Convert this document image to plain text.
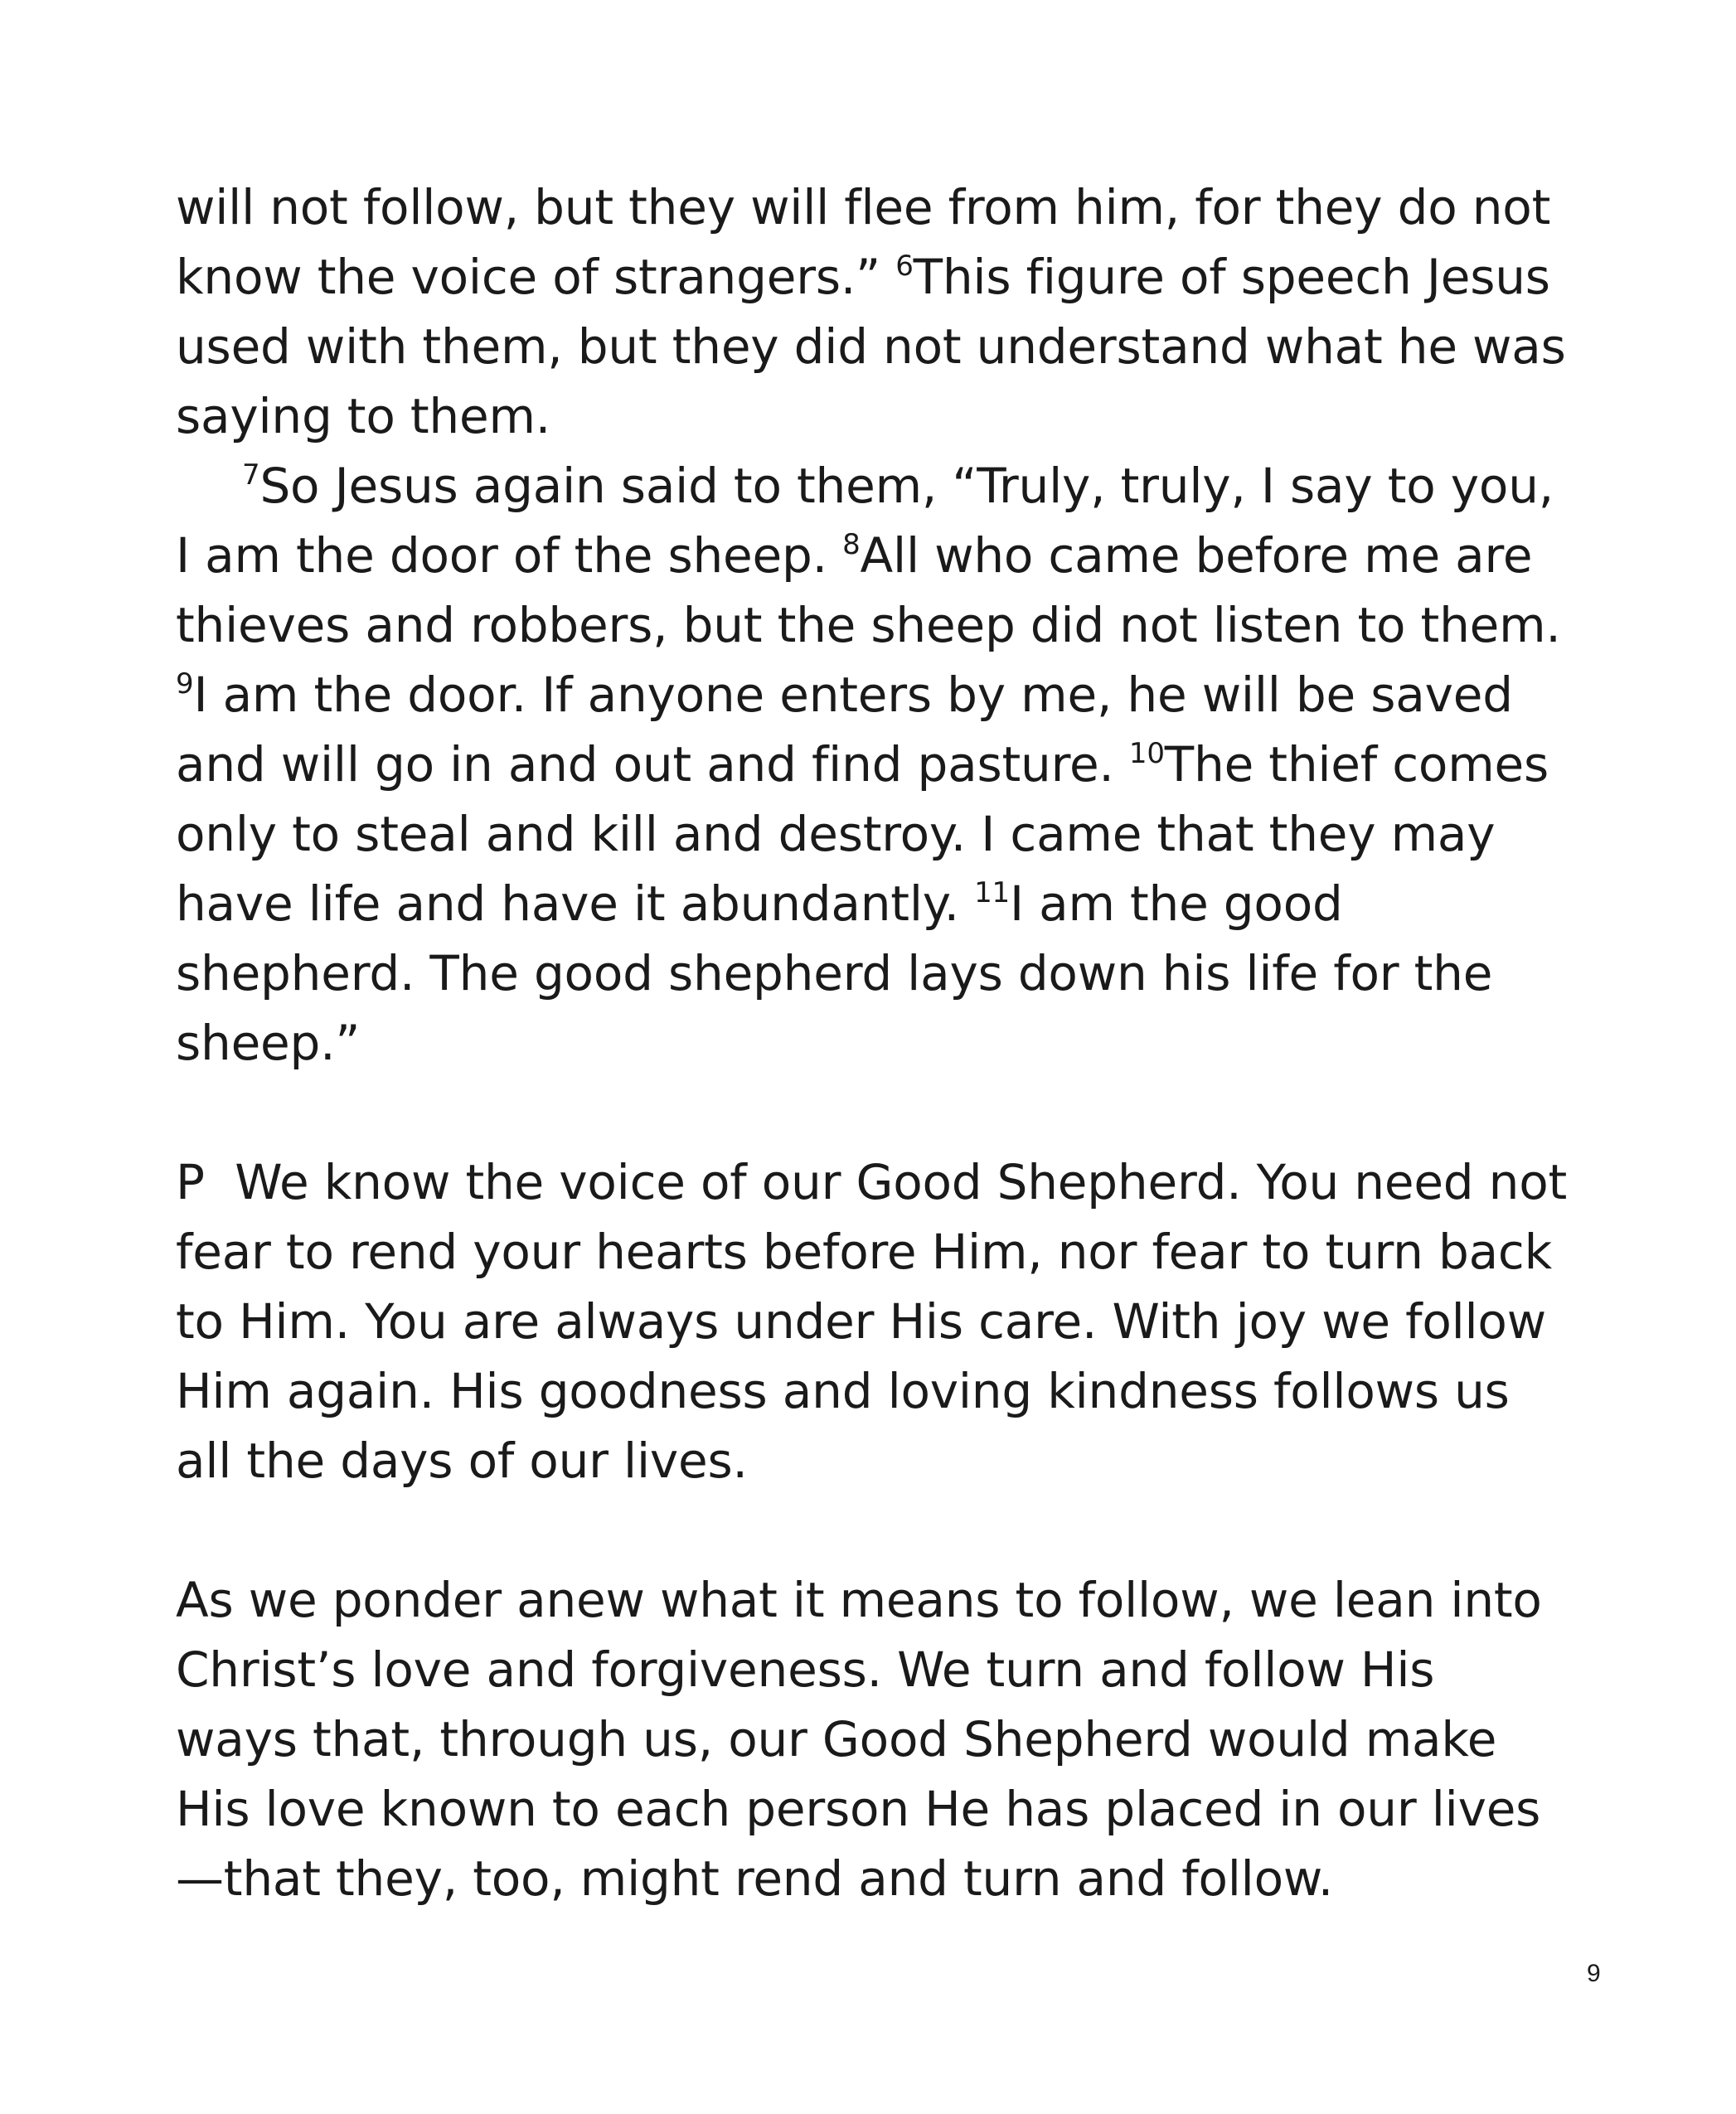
will not follow, but they will flee from him, for they do not know the voice of strangers.” $^6$This figure of speech Jesus used with them, but they did not understand what he was saying to them.

$^7$So Jesus again said to them, “Truly, truly, I say to you, I am the door of the sheep. $^8$All who came before me are thieves and robbers, but the sheep did not listen to them. $^9$I am the door. If anyone enters by me, he will be saved and will go in and out and find pasture. $^{10}$The thief comes only to steal and kill and destroy. I came that they may have life and have it abundantly. $^{11}$I am the good shepherd. The good shepherd lays down his life for the sheep.”

P We know the voice of our Good Shepherd. You need not fear to rend your hearts before Him, nor fear to turn back to Him. You are always under His care. With joy we follow Him again. His goodness and loving kindness follows us all the days of our lives.

As we ponder anew what it means to follow, we lean into Christ’s love and forgiveness. We turn and follow His ways that, through us, our Good Shepherd would make His love known to each person He has placed in our lives—that they, too, might rend and turn and follow.

9
